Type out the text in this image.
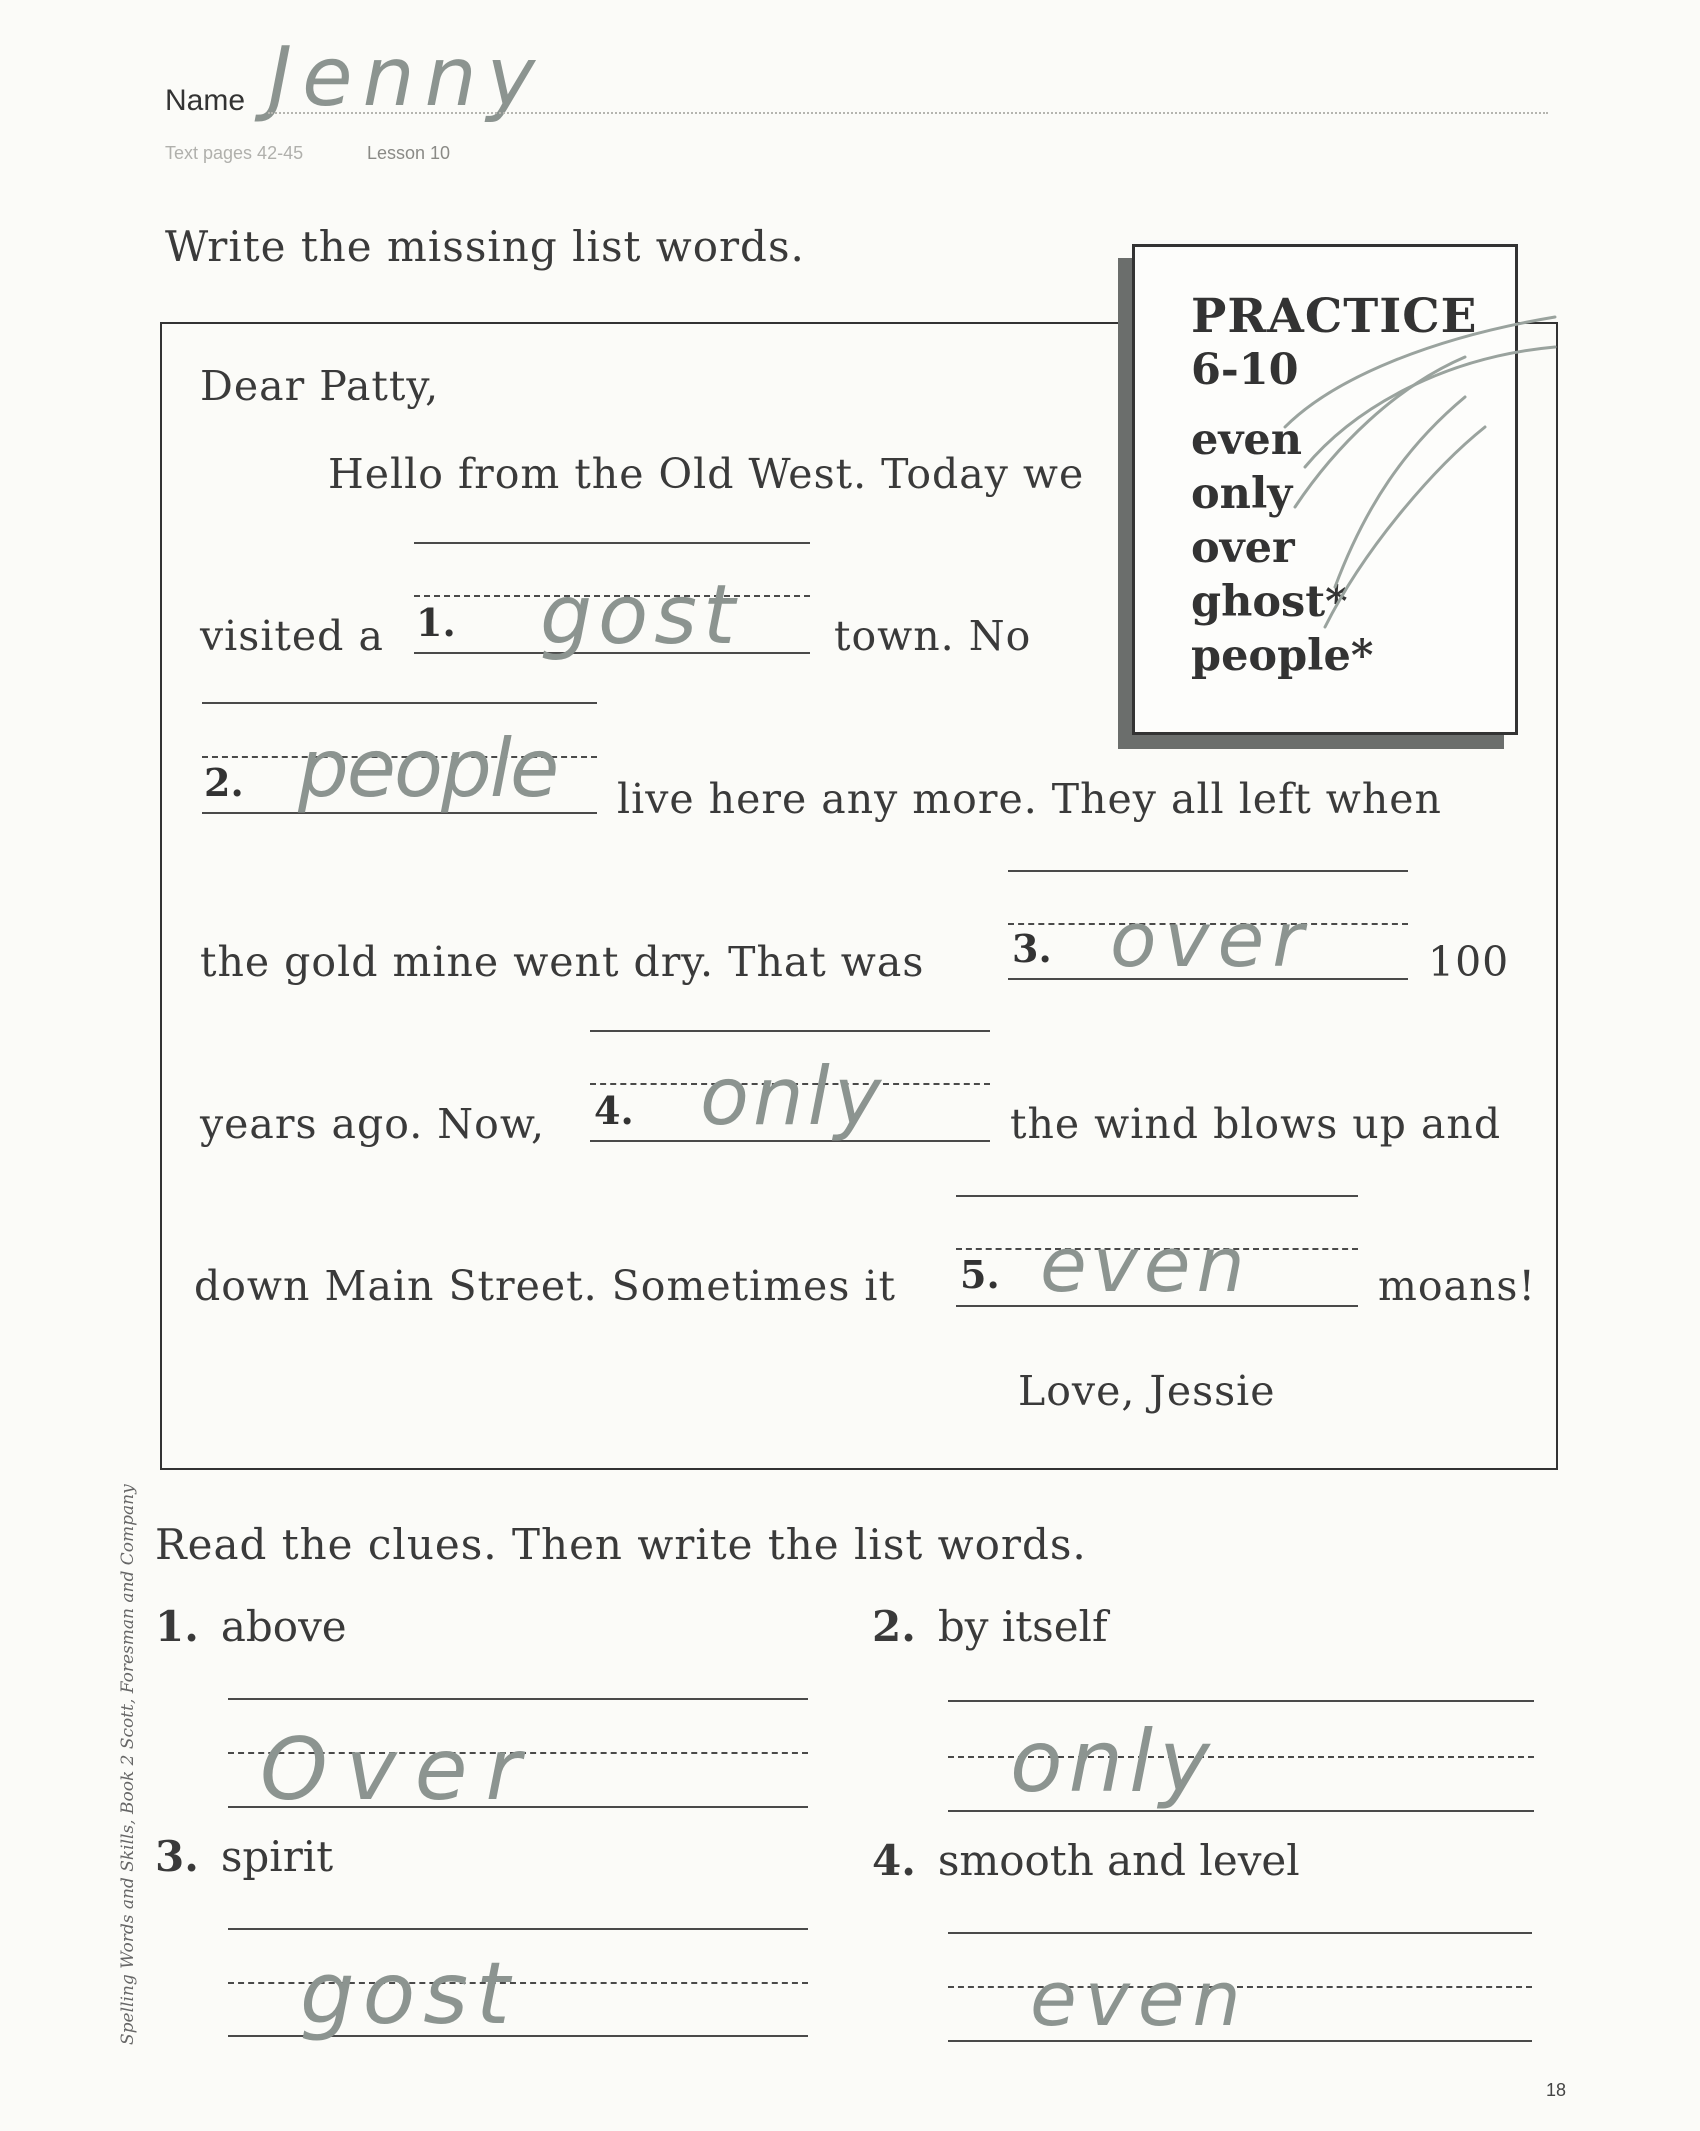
Name Jenny
Text pages 42-45	Lesson 10
Write the missing list words.
PRACTICE
6-10
even
only
over
ghost*
people*
Dear Patty,
Hello from the Old West. Today we
1. gost
visited a	town. No
2. people live here any more. They all left when
3. over
the gold mine went dry. That was	100
4. only
years ago. Now,	the wind blows up and
5. even
down Main Street. Sometimes it	moans!
Love, Jessie
Read the clues. Then write the list words.
1. above
Over
2. by itself
only
3. spirit
gost
4. smooth and level
even
Spelling Words and Skills, Book 2 Scott, Foresman and Company
18
